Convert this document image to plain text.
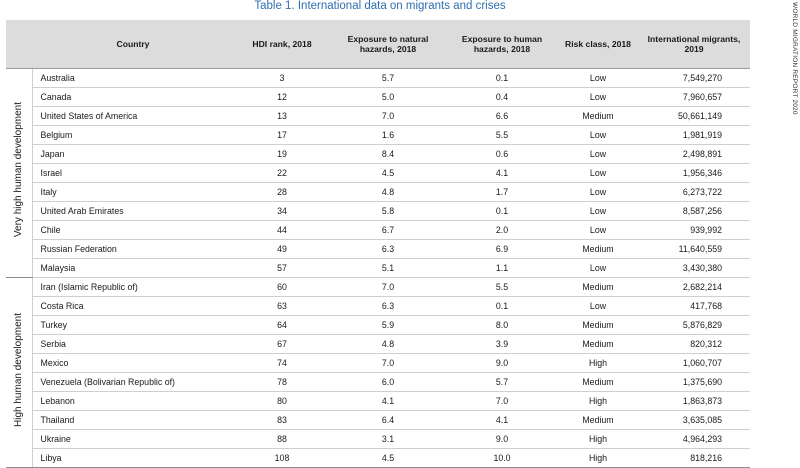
Table 1. International data on migrants and crises	WORLD MIGRATION REPORT 2020
	Country	HDI rank, 2018	Exposure to natural hazards, 2018	Exposure to human hazards, 2018	Risk class, 2018	International migrants, 2019
Very high human development	Australia	3	5.7	0.1	Low	7,549,270
	Canada	12	5.0	0.4	Low	7,960,657
	United States of America	13	7.0	6.6	Medium	50,661,149
	Belgium	17	1.6	5.5	Low	1,981,919
	Japan	19	8.4	0.6	Low	2,498,891
	Israel	22	4.5	4.1	Low	1,956,346
	Italy	28	4.8	1.7	Low	6,273,722
	United Arab Emirates	34	5.8	0.1	Low	8,587,256
	Chile	44	6.7	2.0	Low	939,992
	Russian Federation	49	6.3	6.9	Medium	11,640,559
	Malaysia	57	5.1	1.1	Low	3,430,380
High human development	Iran (Islamic Republic of)	60	7.0	5.5	Medium	2,682,214
	Costa Rica	63	6.3	0.1	Low	417,768
	Turkey	64	5.9	8.0	Medium	5,876,829
	Serbia	67	4.8	3.9	Medium	820,312
	Mexico	74	7.0	9.0	High	1,060,707
	Venezuela (Bolivarian Republic of)	78	6.0	5.7	Medium	1,375,690
	Lebanon	80	4.1	7.0	High	1,863,873
	Thailand	83	6.4	4.1	Medium	3,635,085
	Ukraine	88	3.1	9.0	High	4,964,293
	Libya	108	4.5	10.0	High	818,216
